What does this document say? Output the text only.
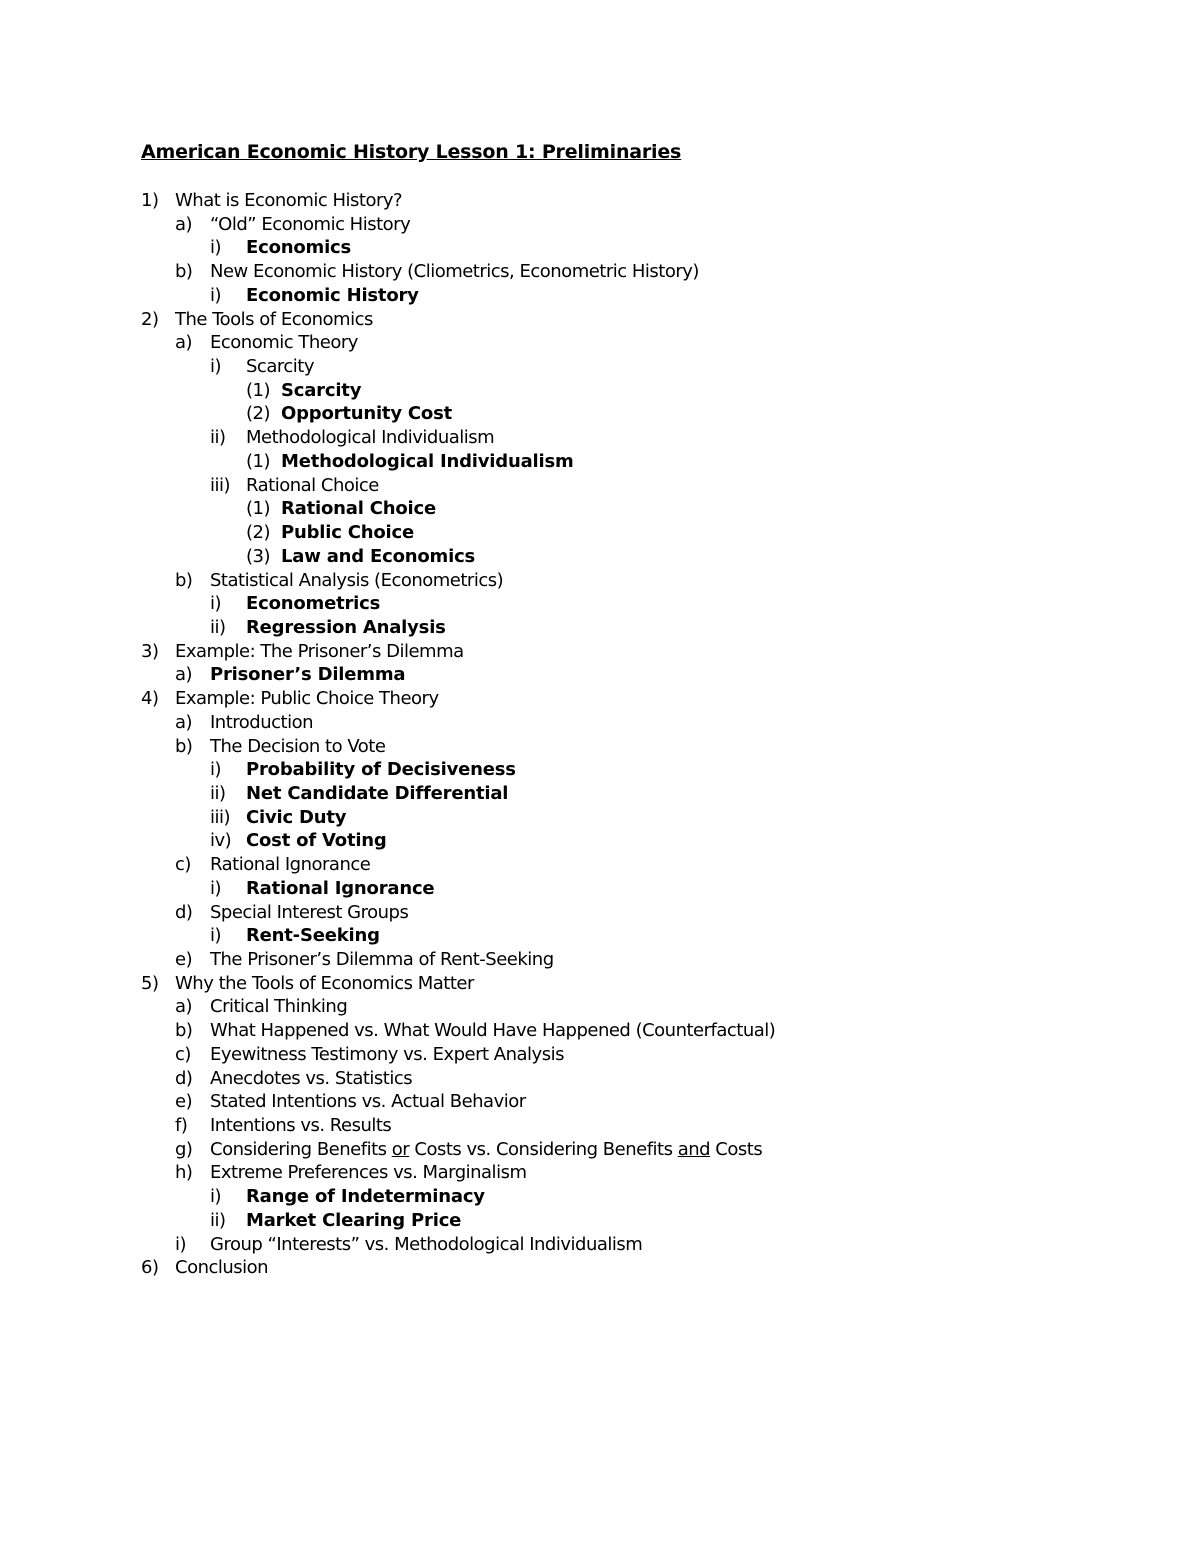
American Economic History Lesson 1: Preliminaries
1) What is Economic History?
a) “Old” Economic History
i) Economics
b) New Economic History (Cliometrics, Econometric History)
i) Economic History
2) The Tools of Economics
a) Economic Theory
i) Scarcity
(1) Scarcity
(2) Opportunity Cost
ii) Methodological Individualism
(1) Methodological Individualism
iii) Rational Choice
(1) Rational Choice
(2) Public Choice
(3) Law and Economics
b) Statistical Analysis (Econometrics)
i) Econometrics
ii) Regression Analysis
3) Example: The Prisoner’s Dilemma
a) Prisoner’s Dilemma
4) Example: Public Choice Theory
a) Introduction
b) The Decision to Vote
i) Probability of Decisiveness
ii) Net Candidate Differential
iii) Civic Duty
iv) Cost of Voting
c) Rational Ignorance
i) Rational Ignorance
d) Special Interest Groups
i) Rent-Seeking
e) The Prisoner’s Dilemma of Rent-Seeking
5) Why the Tools of Economics Matter
a) Critical Thinking
b) What Happened vs. What Would Have Happened (Counterfactual)
c) Eyewitness Testimony vs. Expert Analysis
d) Anecdotes vs. Statistics
e) Stated Intentions vs. Actual Behavior
f) Intentions vs. Results
g) Considering Benefits or Costs vs. Considering Benefits and Costs
h) Extreme Preferences vs. Marginalism
i) Range of Indeterminacy
ii) Market Clearing Price
i) Group “Interests” vs. Methodological Individualism
6) Conclusion
